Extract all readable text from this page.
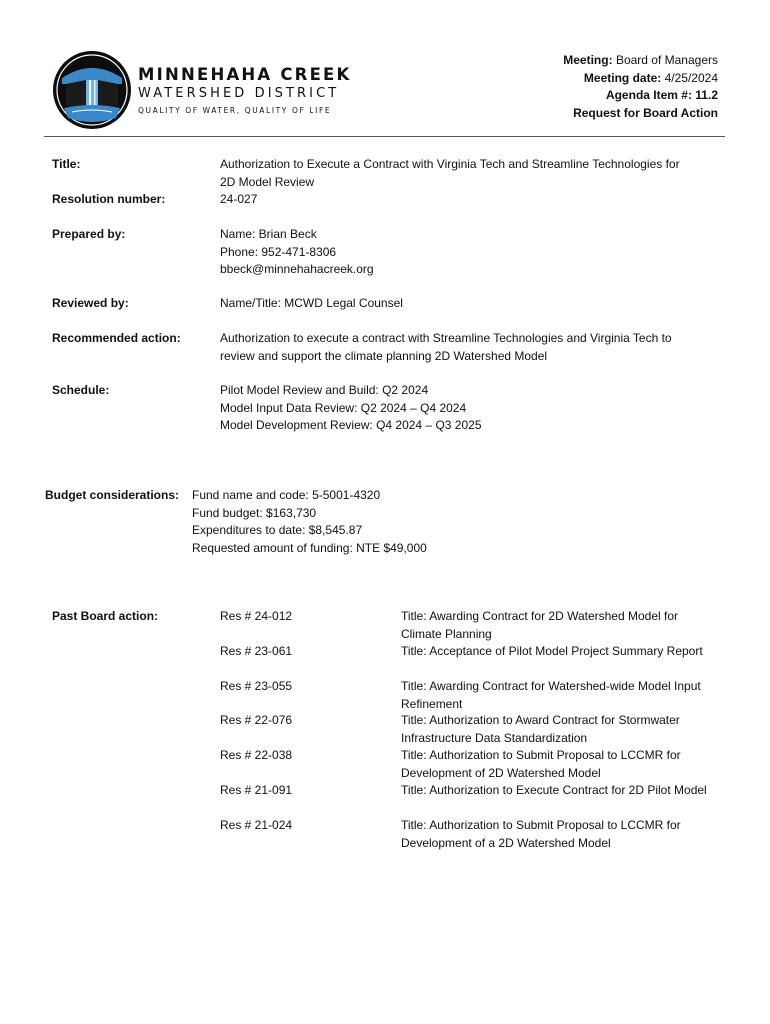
MINNEHAHA CREEK
WATERSHED DISTRICT
QUALITY OF WATER, QUALITY OF LIFE
Meeting: Board of Managers
Meeting date: 4/25/2024
Agenda Item #: 11.2
Request for Board Action
Title:	Authorization to Execute a Contract with Virginia Tech and Streamline Technologies for
2D Model Review
Resolution number:	24-027
Prepared by:	Name: Brian Beck
Phone: 952-471-8306
bbeck@minnehahacreek.org
Reviewed by:	Name/Title: MCWD Legal Counsel
Recommended action:	Authorization to execute a contract with Streamline Technologies and Virginia Tech to
review and support the climate planning 2D Watershed Model
Schedule:	Pilot Model Review and Build: Q2 2024
Model Input Data Review: Q2 2024 – Q4 2024
Model Development Review: Q4 2024 – Q3 2025
Budget considerations: Fund name and code: 5-5001-4320
Fund budget: $163,730
Expenditures to date: $8,545.87
Requested amount of funding: NTE $49,000
Past Board action:	Res # 24-012	Title: Awarding Contract for 2D Watershed Model for Climate Planning
Res # 23-061	Title: Acceptance of Pilot Model Project Summary Report
Res # 23-055	Title: Awarding Contract for Watershed-wide Model Input Refinement
Res # 22-076	Title: Authorization to Award Contract for Stormwater Infrastructure Data Standardization
Res # 22-038	Title: Authorization to Submit Proposal to LCCMR for Development of 2D Watershed Model
Res # 21-091	Title: Authorization to Execute Contract for 2D Pilot Model
Res # 21-024	Title: Authorization to Submit Proposal to LCCMR for Development of a 2D Watershed Model
